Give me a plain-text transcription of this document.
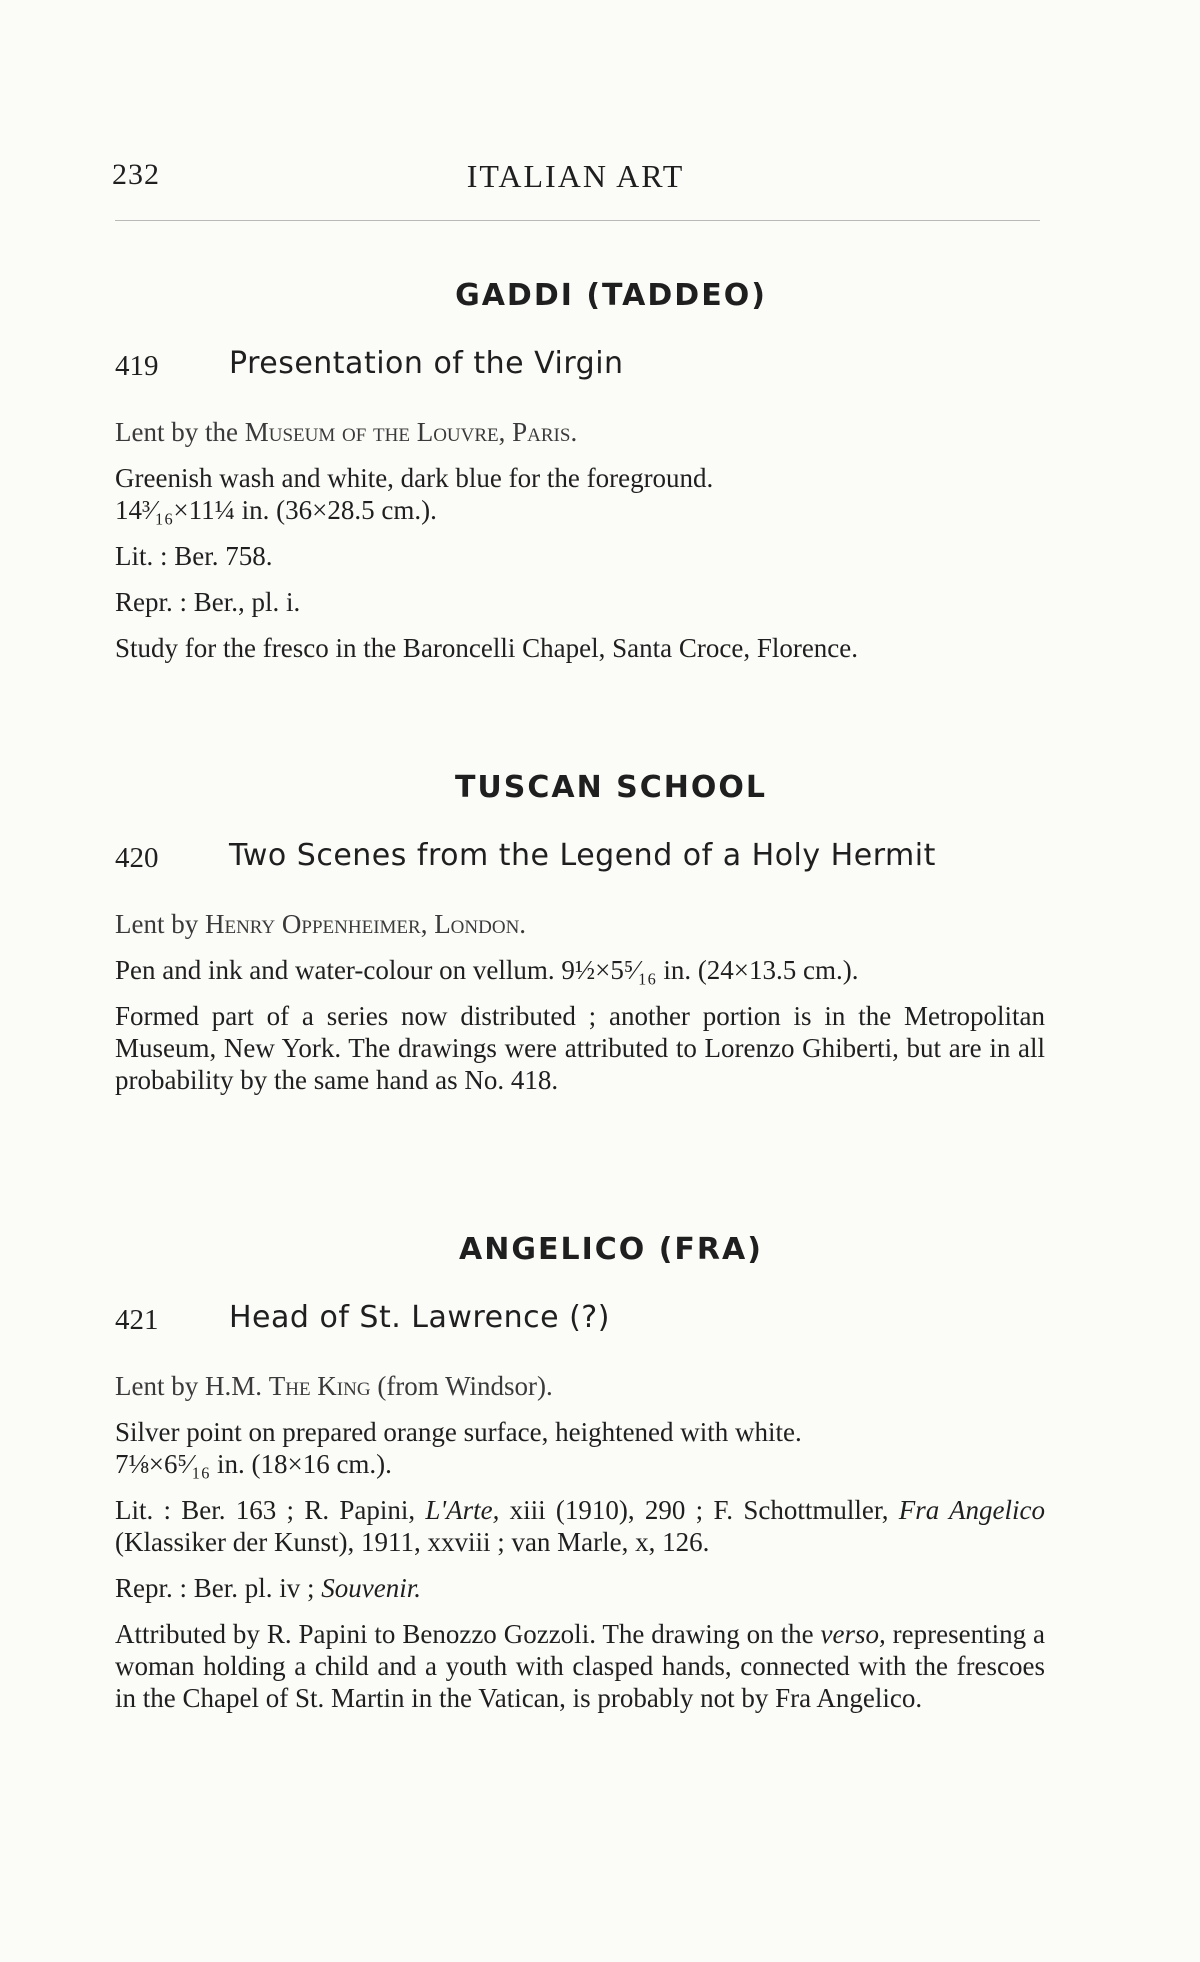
232	ITALIAN ART
GADDI (TADDEO)
419 Presentation of the Virgin

Lent by the Museum of the Louvre, Paris.

Greenish wash and white, dark blue for the foreground.
14³⁄₁₆×11¼ in. (36×28.5 cm.).

Lit. : Ber. 758.

Repr. : Ber., pl. i.

Study for the fresco in the Baroncelli Chapel, Santa Croce, Florence.

TUSCAN SCHOOL
420 Two Scenes from the Legend of a Holy Hermit

Lent by Henry Oppenheimer, London.

Pen and ink and water-colour on vellum. 9½×5⁵⁄₁₆ in. (24×13.5 cm.).

Formed part of a series now distributed ; another portion is in the Metropolitan Museum, New York. The drawings were attributed to Lorenzo Ghiberti, but are in all probability by the same hand as No. 418.

ANGELICO (FRA)
421 Head of St. Lawrence (?)

Lent by H.M. The King (from Windsor).

Silver point on prepared orange surface, heightened with white.
7⅛×6⁵⁄₁₆ in. (18×16 cm.).

Lit. : Ber. 163 ; R. Papini, L'Arte, xiii (1910), 290 ; F. Schottmuller, Fra Angelico (Klassiker der Kunst), 1911, xxviii ; van Marle, x, 126.

Repr. : Ber. pl. iv ; Souvenir.

Attributed by R. Papini to Benozzo Gozzoli. The drawing on the verso, representing a woman holding a child and a youth with clasped hands, connected with the frescoes in the Chapel of St. Martin in the Vatican, is probably not by Fra Angelico.
